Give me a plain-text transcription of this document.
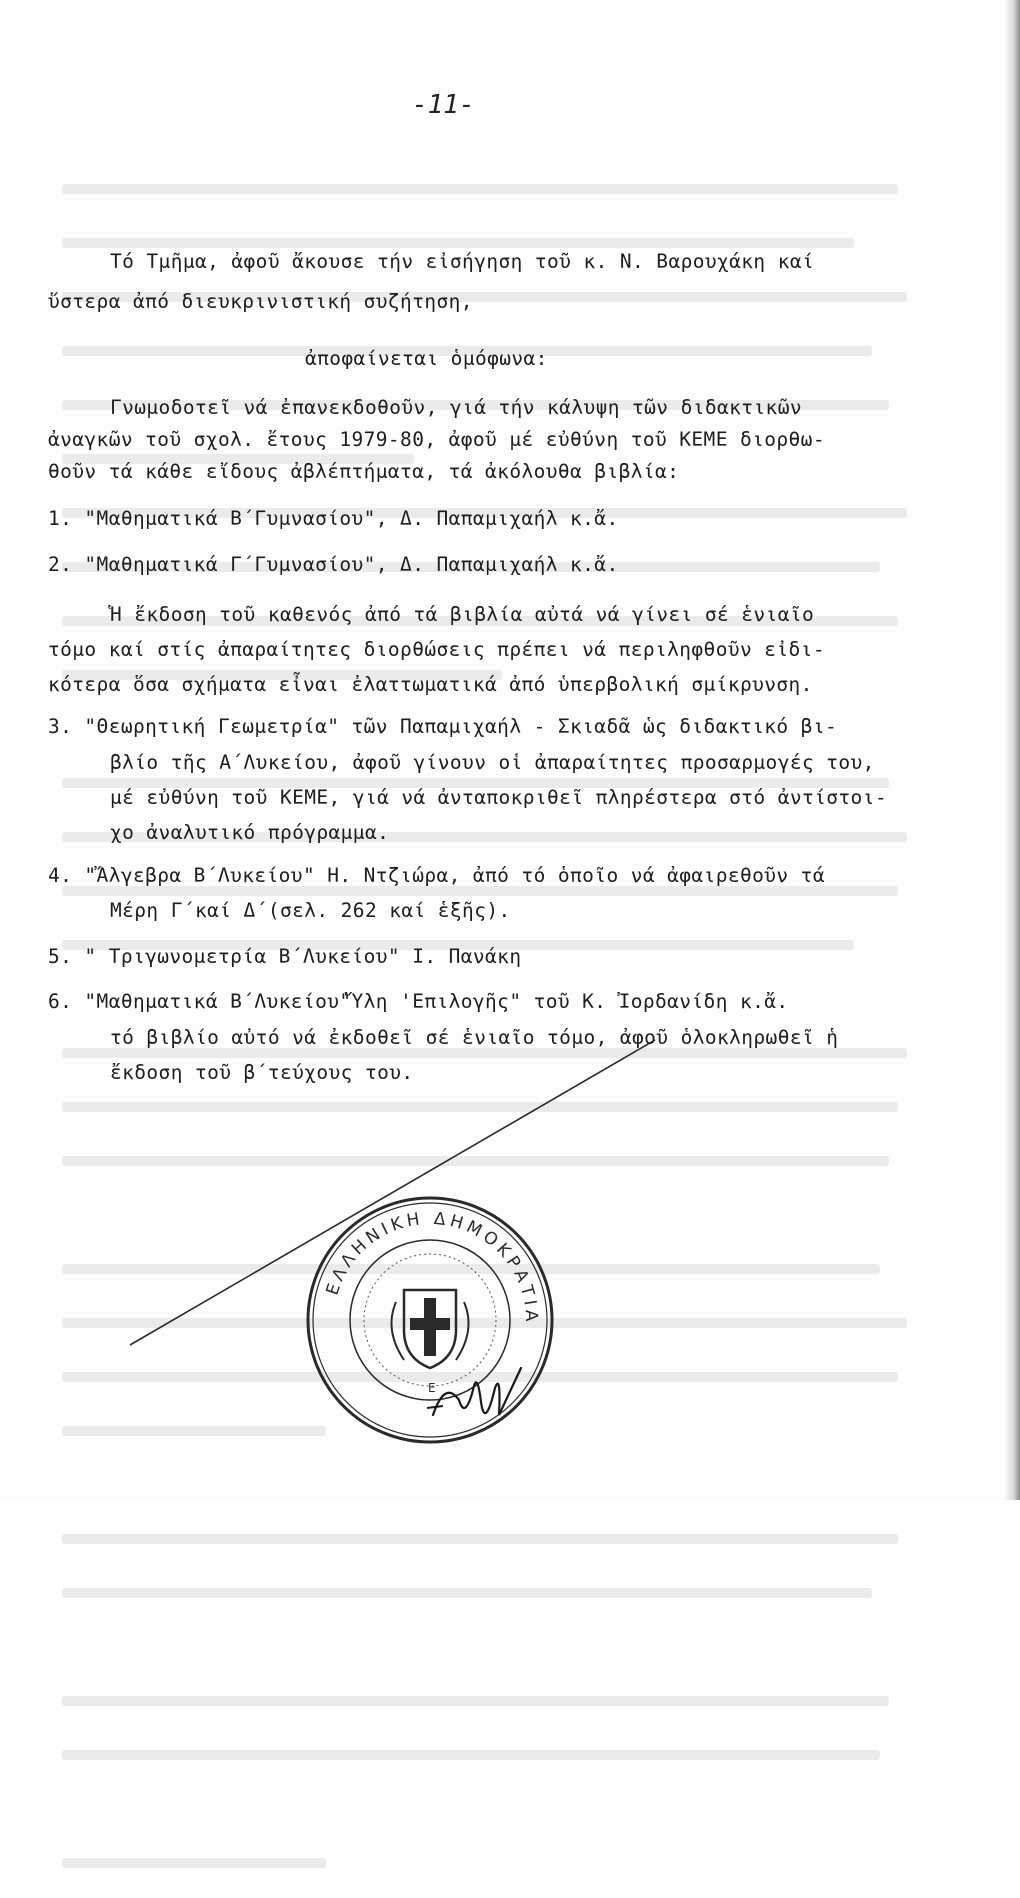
-11-
Τό Τμῆμα, ἀφοῦ ἄκουσε τήν εἰσήγηση τοῦ κ. Ν. Βαρουχάκη καί
ὕστερα ἀπό διευκρινιστική συζήτηση,
ἀποφαίνεται ὁμόφωνα:
Γνωμοδοτεῖ νά ἐπανεκδοθοῦν, γιά τήν κάλυψη τῶν διδακτικῶν
ἀναγκῶν τοῦ σχολ. ἔτους 1979-80, ἀφοῦ μέ εὐθύνη τοῦ ΚΕΜΕ διορθω-
θοῦν τά κάθε εἴδους ἀβλέπτήματα, τά ἀκόλουθα βιβλία:
1. "Μαθηματικά Β΄Γυμνασίου", Δ. Παπαμιχαήλ κ.ἄ.
2. "Μαθηματικά Γ΄Γυμνασίου", Δ. Παπαμιχαήλ κ.ἄ.
Ἡ ἔκδοση τοῦ καθενός ἀπό τά βιβλία αὐτά νά γίνει σέ ἑνιαῖο
τόμο καί στίς ἀπαραίτητες διορθώσεις πρέπει νά περιληφθοῦν εἰδι-
κότερα ὅσα σχήματα εἶναι ἐλαττωματικά ἀπό ὑπερβολική σμίκρυνση.
3. "Θεωρητική Γεωμετρία" τῶν Παπαμιχαήλ - Σκιαδᾶ ὡς διδακτικό βι-
βλίο τῆς Α΄Λυκείου, ἀφοῦ γίνουν οἱ ἀπαραίτητες προσαρμογές του,
μέ εὐθύνη τοῦ ΚΕΜΕ, γιά νά ἀνταποκριθεῖ πληρέστερα στό ἀντίστοι-
χο ἀναλυτικό πρόγραμμα.
4. "Ἄλγεβρα Β΄Λυκείου" Η. Ντζιώρα, ἀπό τό ὁποῖο νά ἀφαιρεθοῦν τά
Μέρη Γ΄καί Δ΄(σελ. 262 καί ἑξῆς).
5. " Τριγωνομετρία Β΄Λυκείου" Ι. Πανάκη
6. "Μαθηματικά Β΄Λυκείου"Ὕλη 'Επιλογῆς" τοῦ Κ. Ἰορδανίδη κ.ἄ.
τό βιβλίο αὐτό νά ἐκδοθεῖ σέ ἑνιαῖο τόμο, ἀφοῦ ὁλοκληρωθεῖ ἡ
ἔκδοση τοῦ β΄τεύχους του.
ΕΛΛΗΝΙΚΗ ΔΗΜΟΚΡΑΤΙΑ
Ε
